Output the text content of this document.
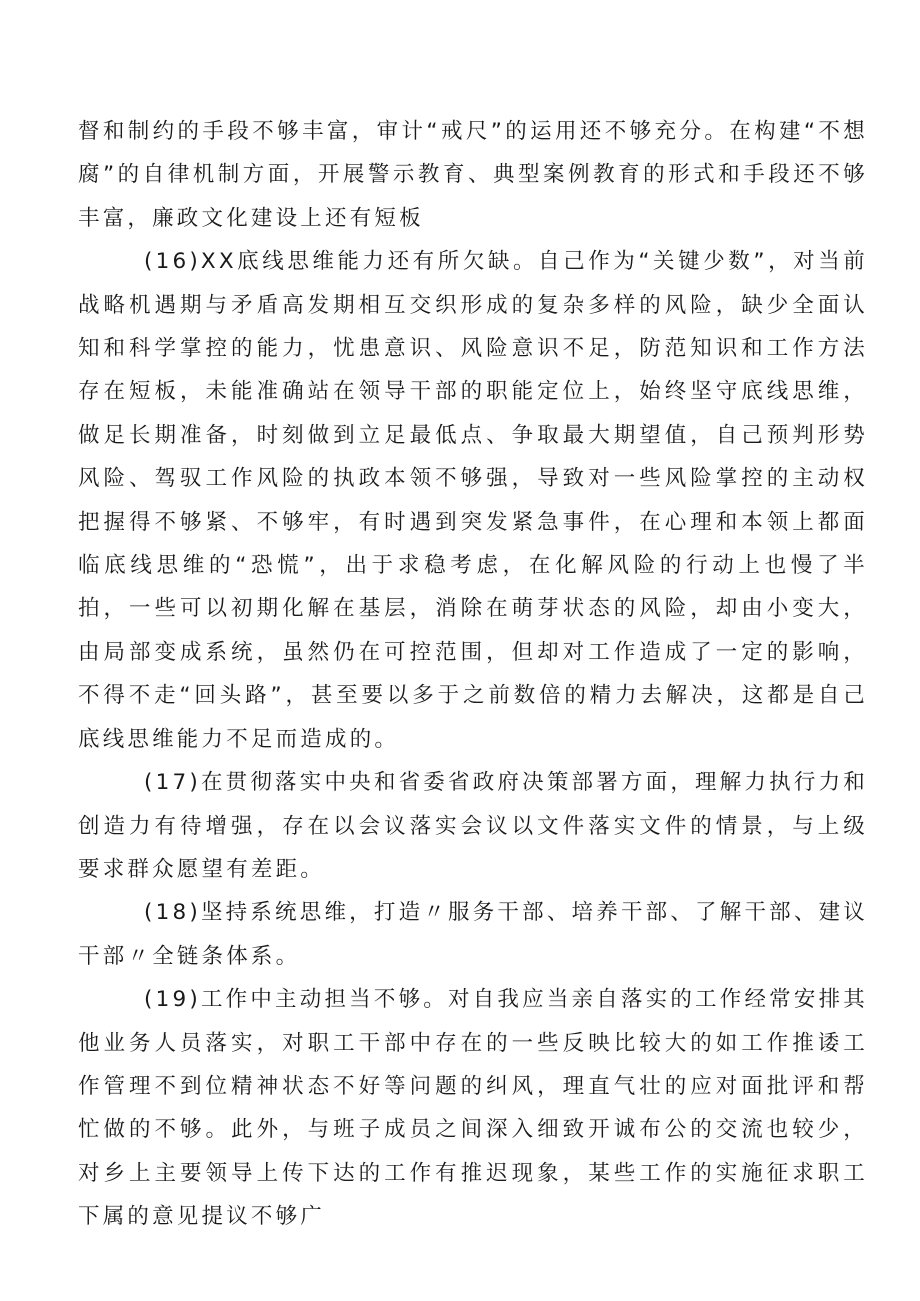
督和制约的手段不够丰富，审计“戒尺”的运用还不够充分。在构建“不想腐”的自律机制方面，开展警示教育、典型案例教育的形式和手段还不够丰富，廉政文化建设上还有短板

(16)XX底线思维能力还有所欠缺。自己作为“关键少数”，对当前战略机遇期与矛盾高发期相互交织形成的复杂多样的风险，缺少全面认知和科学掌控的能力，忧患意识、风险意识不足，防范知识和工作方法存在短板，未能准确站在领导干部的职能定位上，始终坚守底线思维，做足长期准备，时刻做到立足最低点、争取最大期望值，自己预判形势风险、驾驭工作风险的执政本领不够强，导致对一些风险掌控的主动权把握得不够紧、不够牢，有时遇到突发紧急事件，在心理和本领上都面临底线思维的“恐慌”，出于求稳考虑，在化解风险的行动上也慢了半拍，一些可以初期化解在基层，消除在萌芽状态的风险，却由小变大，由局部变成系统，虽然仍在可控范围，但却对工作造成了一定的影响，不得不走“回头路”，甚至要以多于之前数倍的精力去解决，这都是自己底线思维能力不足而造成的。

(17)在贯彻落实中央和省委省政府决策部署方面，理解力执行力和创造力有待增强，存在以会议落实会议以文件落实文件的情景，与上级要求群众愿望有差距。

(18)坚持系统思维，打造〃服务干部、培养干部、了解干部、建议干部〃全链条体系。

(19)工作中主动担当不够。对自我应当亲自落实的工作经常安排其他业务人员落实，对职工干部中存在的一些反映比较大的如工作推诿工作管理不到位精神状态不好等问题的纠风，理直气壮的应对面批评和帮忙做的不够。此外，与班子成员之间深入细致开诚布公的交流也较少，对乡上主要领导上传下达的工作有推迟现象，某些工作的实施征求职工下属的意见提议不够广
